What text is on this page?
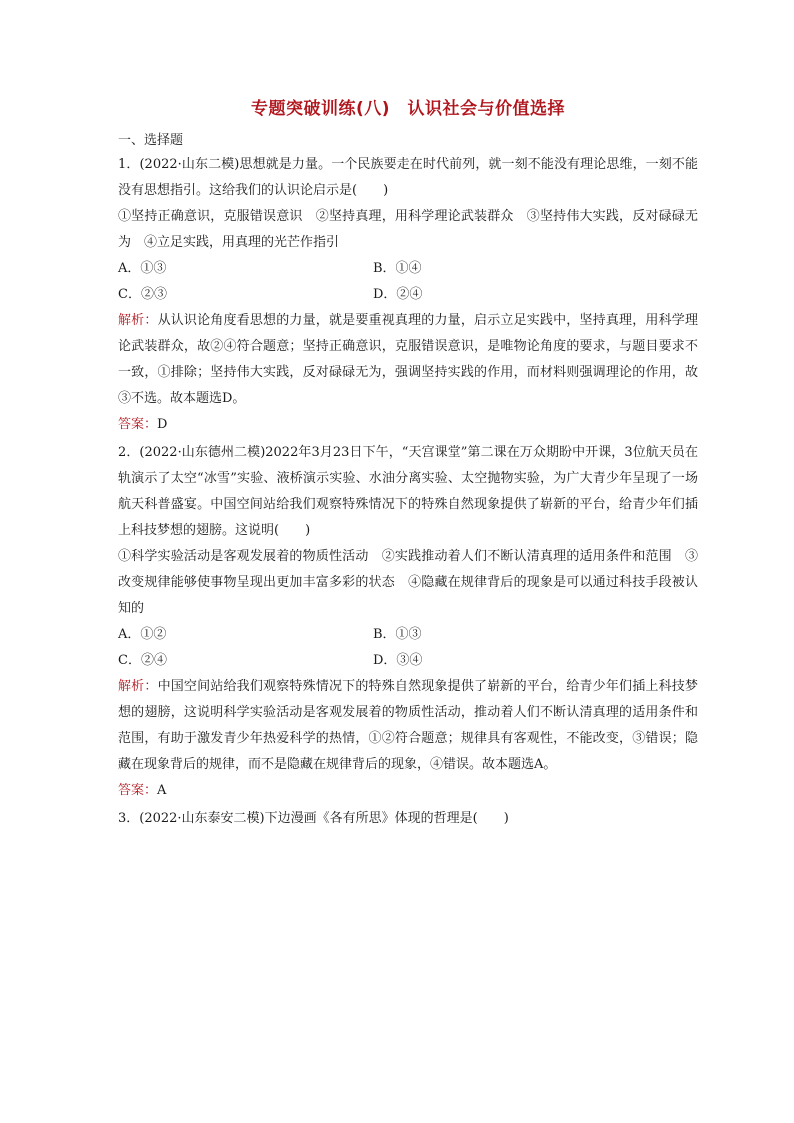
专题突破训练(八)　认识社会与价值选择
一、选择题

1．(2022·山东二模)思想就是力量。一个民族要走在时代前列，就一刻不能没有理论思维，一刻不能没有思想指引。这给我们的认识论启示是(　　)

①坚持正确意识，克服错误意识　②坚持真理，用科学理论武装群众　③坚持伟大实践，反对碌碌无为　④立足实践，用真理的光芒作指引

A．①③	B．①④
C．②③	D．②④

解析：从认识论角度看思想的力量，就是要重视真理的力量，启示立足实践中，坚持真理，用科学理论武装群众，故②④符合题意；坚持正确意识，克服错误意识，是唯物论角度的要求，与题目要求不一致，①排除；坚持伟大实践，反对碌碌无为，强调坚持实践的作用，而材料则强调理论的作用，故③不选。故本题选D。

答案：D

2．(2022·山东德州二模)2022年3月23日下午，“天宫课堂”第二课在万众期盼中开课，3位航天员在轨演示了太空“冰雪”实验、液桥演示实验、水油分离实验、太空抛物实验，为广大青少年呈现了一场航天科普盛宴。中国空间站给我们观察特殊情况下的特殊自然现象提供了崭新的平台，给青少年们插上科技梦想的翅膀。这说明(　　)

①科学实验活动是客观发展着的物质性活动　②实践推动着人们不断认清真理的适用条件和范围　③改变规律能够使事物呈现出更加丰富多彩的状态　④隐藏在规律背后的现象是可以通过科技手段被认知的

A．①②	B．①③
C．②④	D．③④

解析：中国空间站给我们观察特殊情况下的特殊自然现象提供了崭新的平台，给青少年们插上科技梦想的翅膀，这说明科学实验活动是客观发展着的物质性活动，推动着人们不断认清真理的适用条件和范围，有助于激发青少年热爱科学的热情，①②符合题意；规律具有客观性，不能改变，③错误；隐藏在现象背后的规律，而不是隐藏在规律背后的现象，④错误。故本题选A。

答案：A

3．(2022·山东泰安二模)下边漫画《各有所思》体现的哲理是(　　)
